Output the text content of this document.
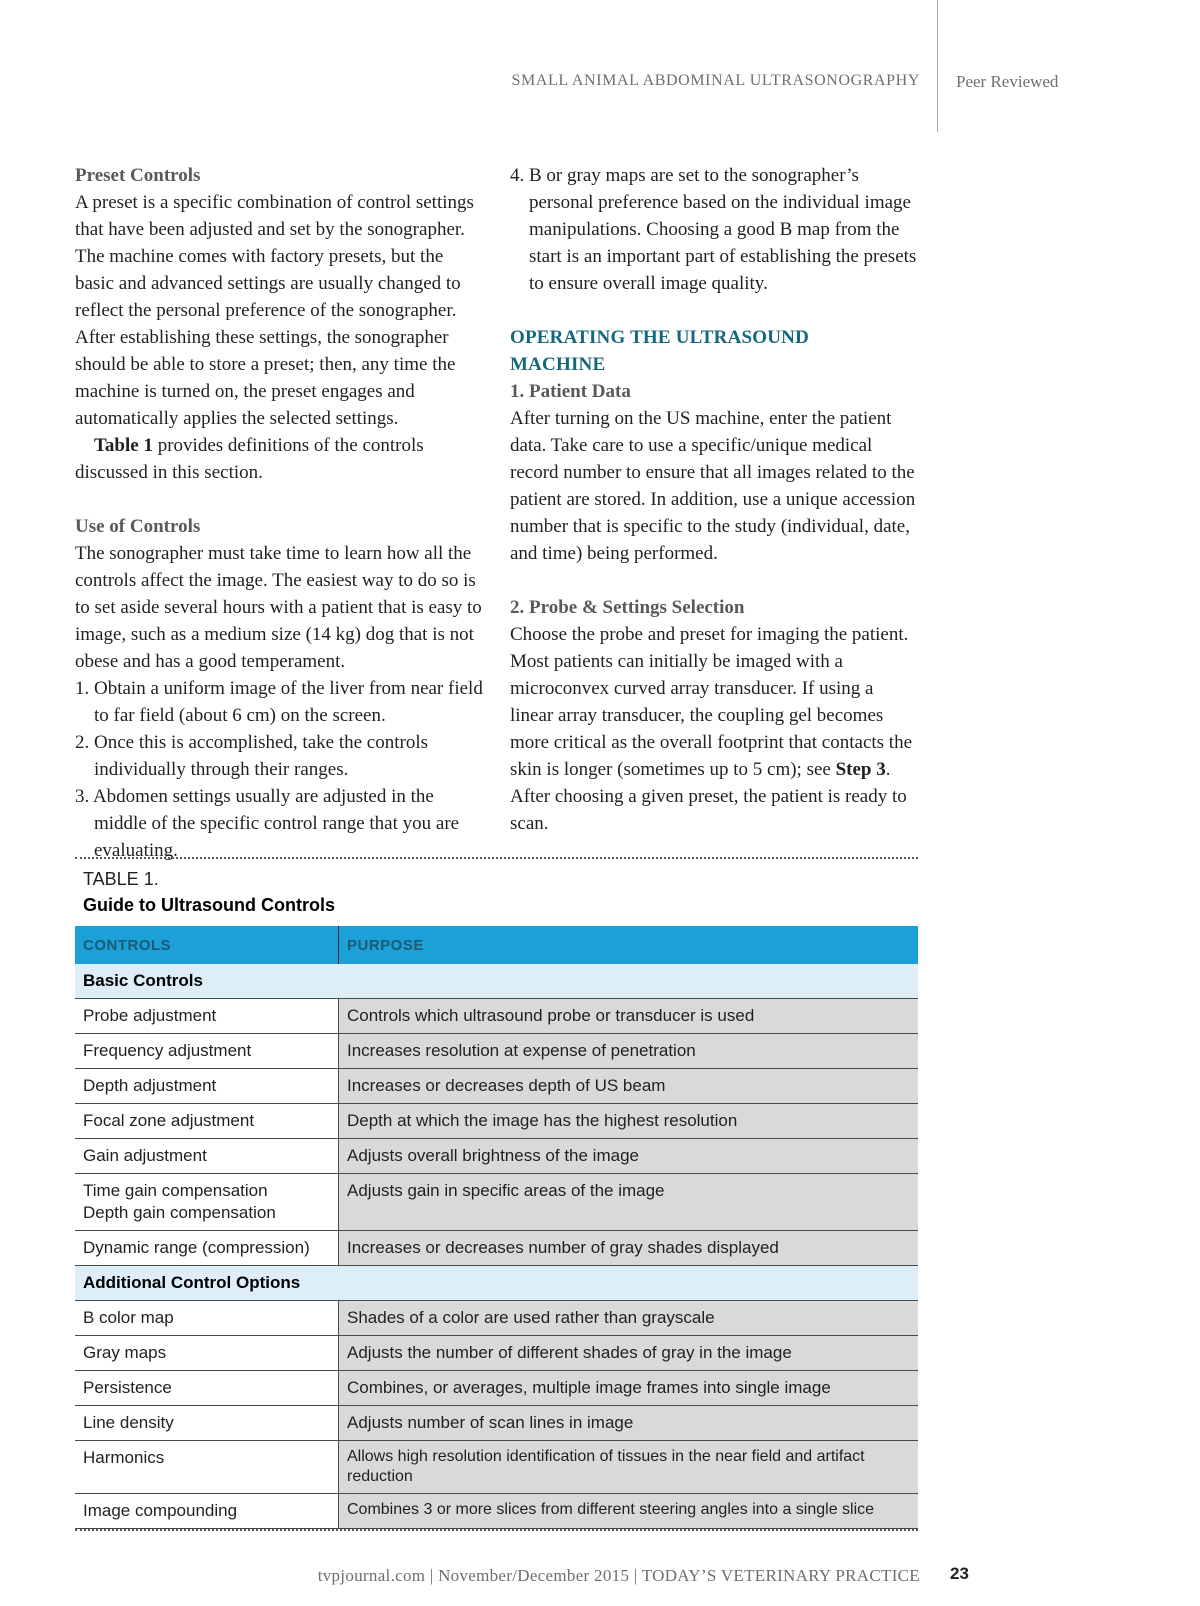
SMALL ANIMAL ABDOMINAL ULTRASONOGRAPHY Peer Reviewed

Preset Controls

A preset is a specific combination of control settings that have been adjusted and set by the sonographer. The machine comes with factory presets, but the basic and advanced settings are usually changed to reflect the personal preference of the sonographer. After establishing these settings, the sonographer should be able to store a preset; then, any time the machine is turned on, the preset engages and automatically applies the selected settings.

Table 1 provides definitions of the controls discussed in this section.

Use of Controls

The sonographer must take time to learn how all the controls affect the image. The easiest way to do so is to set aside several hours with a patient that is easy to image, such as a medium size (14 kg) dog that is not obese and has a good temperament.

1. Obtain a uniform image of the liver from near field to far field (about 6 cm) on the screen.

2. Once this is accomplished, take the controls individually through their ranges.

3. Abdomen settings usually are adjusted in the middle of the specific control range that you are evaluating.

4. B or gray maps are set to the sonographer’s personal preference based on the individual image manipulations. Choosing a good B map from the start is an important part of establishing the presets to ensure overall image quality.

OPERATING THE ULTRASOUND

MACHINE

1. Patient Data

After turning on the US machine, enter the patient data. Take care to use a specific/unique medical record number to ensure that all images related to the patient are stored. In addition, use a unique accession number that is specific to the study (individual, date, and time) being performed.

2. Probe & Settings Selection

Choose the probe and preset for imaging the patient. Most patients can initially be imaged with a microconvex curved array transducer. If using a linear array transducer, the coupling gel becomes more critical as the overall footprint that contacts the skin is longer (sometimes up to 5 cm); see Step 3. After choosing a given preset, the patient is ready to scan.

TABLE 1.
Guide to Ultrasound Controls
CONTROLS	PURPOSE
Basic Controls	
Probe adjustment	Controls which ultrasound probe or transducer is used
Frequency adjustment	Increases resolution at expense of penetration
Depth adjustment	Increases or decreases depth of US beam
Focal zone adjustment	Depth at which the image has the highest resolution
Gain adjustment	Adjusts overall brightness of the image

Time gain compensation
Depth gain compensation	Adjusts gain in specific areas of the image
Dynamic range (compression)	Increases or decreases number of gray shades displayed
Additional Control Options	
B color map	Shades of a color are used rather than grayscale
Gray maps	Adjusts the number of different shades of gray in the image
Persistence	Combines, or averages, multiple image frames into single image
Line density	Adjusts number of scan lines in image
Harmonics	Allows high resolution identification of tissues in the near field and artifact reduction
Image compounding	Combines 3 or more slices from different steering angles into a single slice
tvpjournal.com | November/December 2015 | TODAY’S VETERINARY PRACTICE 23
